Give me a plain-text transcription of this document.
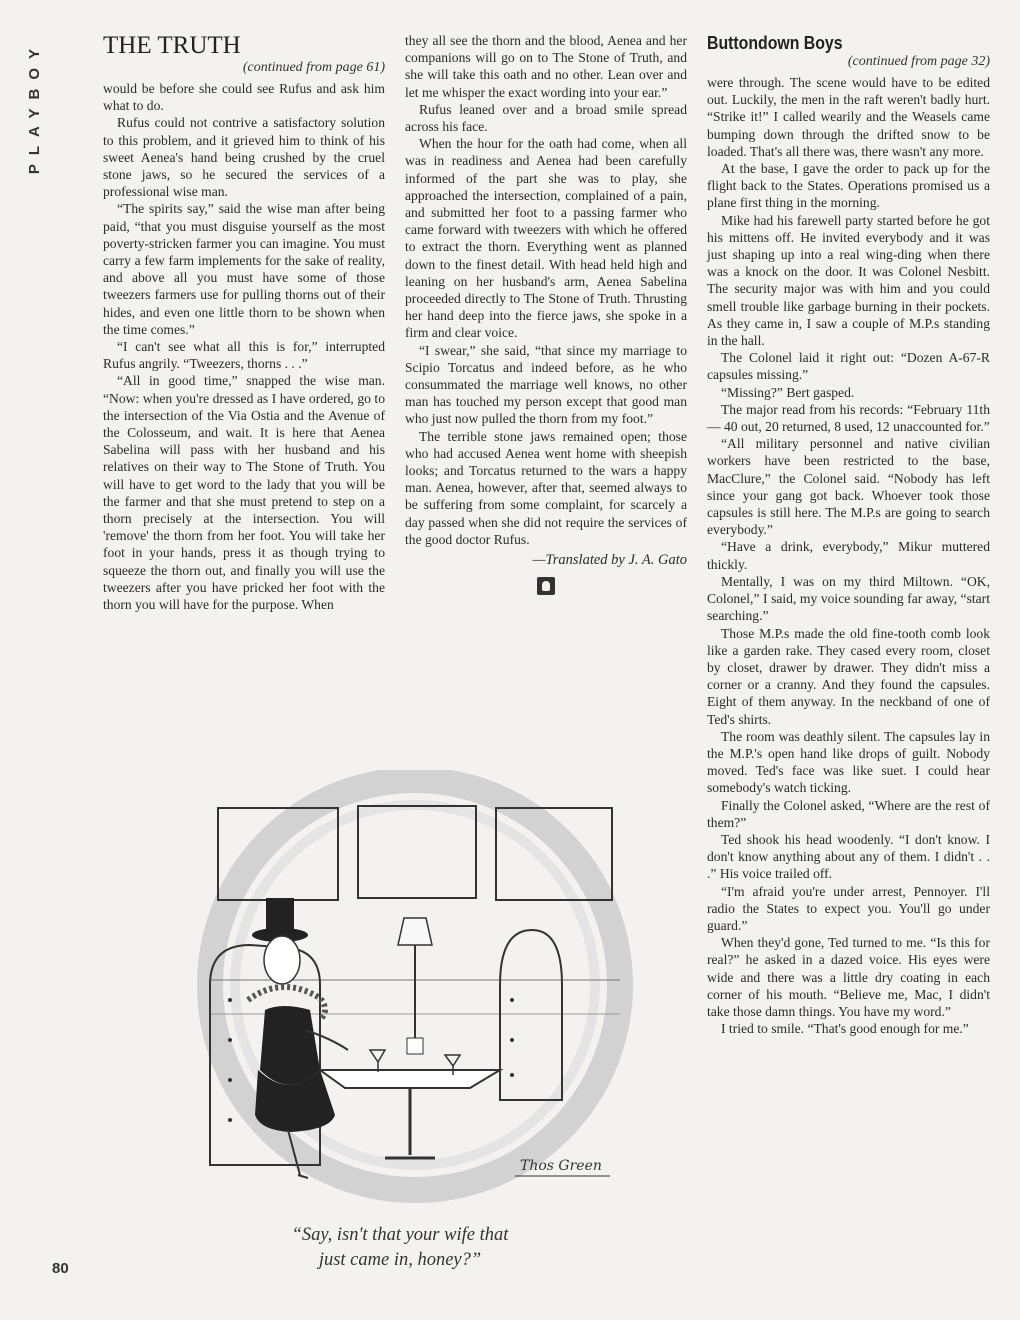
PLAYBOY
80
THE TRUTH
(continued from page 61)

would be before she could see Rufus and ask him what to do.

Rufus could not contrive a satisfactory solution to this problem, and it grieved him to think of his sweet Aenea's hand being crushed by the cruel stone jaws, so he secured the services of a professional wise man.

“The spirits say,” said the wise man after being paid, “that you must disguise yourself as the most poverty-stricken farmer you can imagine. You must carry a few farm implements for the sake of reality, and above all you must have some of those tweezers farmers use for pulling thorns out of their hides, and even one little thorn to be shown when the time comes.”

“I can't see what all this is for,” interrupted Rufus angrily. “Tweezers, thorns . . .”

“All in good time,” snapped the wise man. “Now: when you're dressed as I have ordered, go to the intersection of the Via Ostia and the Avenue of the Colosseum, and wait. It is here that Aenea Sabelina will pass with her husband and his relatives on their way to The Stone of Truth. You will have to get word to the lady that you will be the farmer and that she must pretend to step on a thorn precisely at the intersection. You will 'remove' the thorn from her foot. You will take her foot in your hands, press it as though trying to squeeze the thorn out, and finally you will use the tweezers after you have pricked her foot with the thorn you will have for the purpose. When

they all see the thorn and the blood, Aenea and her companions will go on to The Stone of Truth, and she will take this oath and no other. Lean over and let me whisper the exact wording into your ear.”

Rufus leaned over and a broad smile spread across his face.

When the hour for the oath had come, when all was in readiness and Aenea had been carefully informed of the part she was to play, she approached the intersection, complained of a pain, and submitted her foot to a passing farmer who came forward with tweezers with which he offered to extract the thorn. Everything went as planned down to the finest detail. With head held high and leaning on her husband's arm, Aenea Sabelina proceeded directly to The Stone of Truth. Thrusting her hand deep into the fierce jaws, she spoke in a firm and clear voice.

“I swear,” she said, “that since my marriage to Scipio Torcatus and indeed before, as he who consummated the marriage well knows, no other man has touched my person except that good man who just now pulled the thorn from my foot.”

The terrible stone jaws remained open; those who had accused Aenea went home with sheepish looks; and Torcatus returned to the wars a happy man. Aenea, however, after that, seemed always to be suffering from some complaint, for scarcely a day passed when she did not require the services of the good doctor Rufus.

—Translated by J. A. Gato
Buttondown Boys
(continued from page 32)

were through. The scene would have to be edited out. Luckily, the men in the raft weren't badly hurt. “Strike it!” I called wearily and the Weasels came bumping down through the drifted snow to be loaded. That's all there was, there wasn't any more.

At the base, I gave the order to pack up for the flight back to the States. Operations promised us a plane first thing in the morning.

Mike had his farewell party started before he got his mittens off. He invited everybody and it was just shaping up into a real wing-ding when there was a knock on the door. It was Colonel Nesbitt. The security major was with him and you could smell trouble like garbage burning in their pockets. As they came in, I saw a couple of M.P.s standing in the hall.

The Colonel laid it right out: “Dozen A-67-R capsules missing.”

“Missing?” Bert gasped.

The major read from his records: “February 11th — 40 out, 20 returned, 8 used, 12 unaccounted for.”

“All military personnel and native civilian workers have been restricted to the base, MacClure,” the Colonel said. “Nobody has left since your gang got back. Whoever took those capsules is still here. The M.P.s are going to search everybody.”

“Have a drink, everybody,” Mikur muttered thickly.

Mentally, I was on my third Miltown. “OK, Colonel,” I said, my voice sounding far away, “start searching.”

Those M.P.s made the old fine-tooth comb look like a garden rake. They cased every room, closet by closet, drawer by drawer. They didn't miss a corner or a cranny. And they found the capsules. Eight of them anyway. In the neckband of one of Ted's shirts.

The room was deathly silent. The capsules lay in the M.P.'s open hand like drops of guilt. Nobody moved. Ted's face was like suet. I could hear somebody's watch ticking.

Finally the Colonel asked, “Where are the rest of them?”

Ted shook his head woodenly. “I don't know. I don't know anything about any of them. I didn't . . .” His voice trailed off.

“I'm afraid you're under arrest, Pennoyer. I'll radio the States to expect you. You'll go under guard.”

When they'd gone, Ted turned to me. “Is this for real?” he asked in a dazed voice. His eyes were wide and there was a little dry coating in each corner of his mouth. “Believe me, Mac, I didn't take those damn things. You have my word.”

I tried to smile. “That's good enough for me.”

Thos Green
“Say, isn't that your wife that
just came in, honey?”
